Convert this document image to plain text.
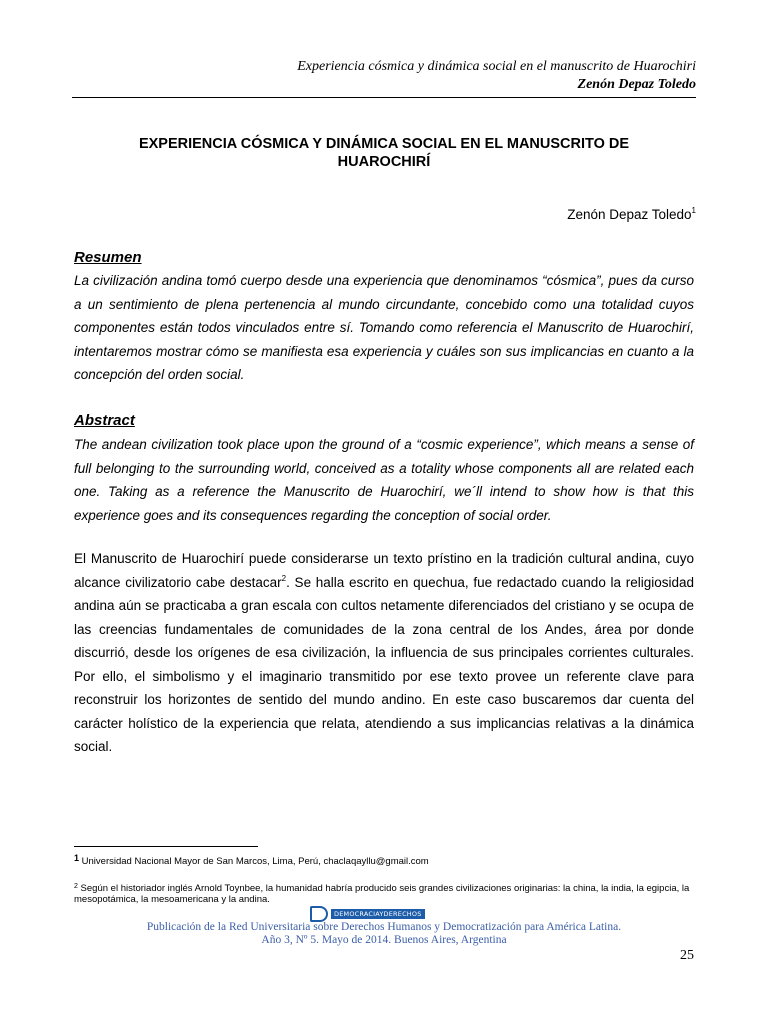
Experiencia cósmica y dinámica social en el manuscrito de Huarochiri
Zenón Depaz Toledo
EXPERIENCIA CÓSMICA Y DINÁMICA SOCIAL EN EL MANUSCRITO DE
HUAROCHIRÍ
Zenón Depaz Toledo$^1$
Resumen

La civilización andina tomó cuerpo desde una experiencia que denominamos “cósmica”, pues da curso a un sentimiento de plena pertenencia al mundo circundante, concebido como una totalidad cuyos componentes están todos vinculados entre sí. Tomando como referencia el Manuscrito de Huarochirí, intentaremos mostrar cómo se manifiesta esa experiencia y cuáles son sus implicancias en cuanto a la concepción del orden social.

Abstract

The andean civilization took place upon the ground of a “cosmic experience”, which means a sense of full belonging to the surrounding world, conceived as a totality whose components all are related each one. Taking as a reference the Manuscrito de Huarochirí, we´ll intend to show how is that this experience goes and its consequences regarding the conception of social order.

El Manuscrito de Huarochirí puede considerarse un texto prístino en la tradición cultural andina, cuyo alcance civilizatorio cabe destacar$^2$. Se halla escrito en quechua, fue redactado cuando la religiosidad andina aún se practicaba a gran escala con cultos netamente diferenciados del cristiano y se ocupa de las creencias fundamentales de comunidades de la zona central de los Andes, área por donde discurrió, desde los orígenes de esa civilización, la influencia de sus principales corrientes culturales. Por ello, el simbolismo y el imaginario transmitido por ese texto provee un referente clave para reconstruir los horizontes de sentido del mundo andino. En este caso buscaremos dar cuenta del carácter holístico de la experiencia que relata, atendiendo a sus implicancias relativas a la dinámica social.

1 Universidad Nacional Mayor de San Marcos, Lima, Perú, chaclaqayllu@gmail.com
$^2$ Según el historiador inglés Arnold Toynbee, la humanidad habría producido seis grandes civilizaciones originarias: la china, la india, la egipcia, la mesopotámica, la mesoamericana y la andina.
DEMOCRACIAYDERECHOS
Publicación de la Red Universitaria sobre Derechos Humanos y Democratización para América Latina.
Año 3, Nº 5. Mayo de 2014. Buenos Aires, Argentina
25
